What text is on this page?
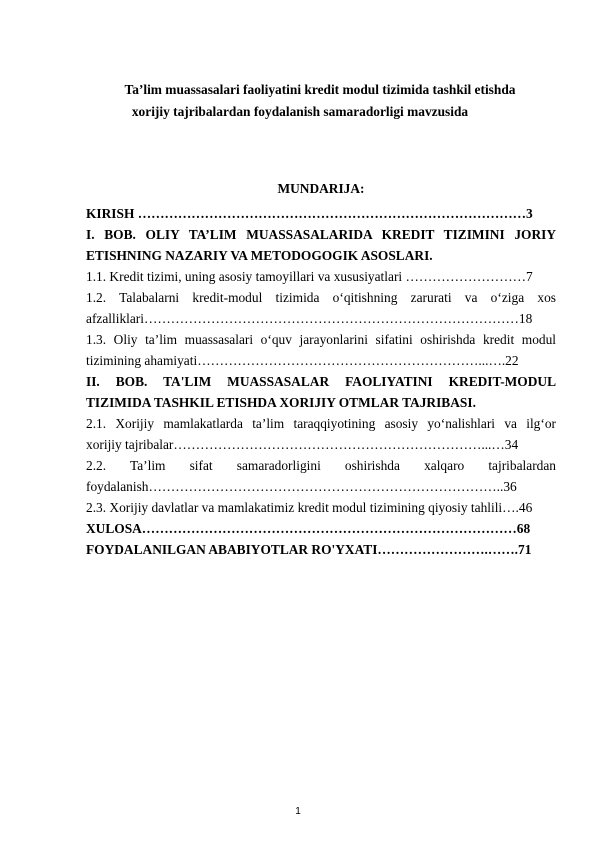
Ta’lim muassasalari faoliyatini kredit modul tizimida tashkil etishda
xorijiy tajribalardan foydalanish samaradorligi mavzusida
MUNDARIJA:
KIRISH ……………………………………………………………………………3
I. BOB. OLIY TA’LIM MUASSASALARIDA KREDIT TIZIMINI JORIY
ETISHNING NAZARIY VA METODOGOGIK ASOSLARI.
1.1. Kredit tizimi, uning asosiy tamoyillari va xususiyatlari ………………………7
1.2. Talabalarni kredit-modul tizimida o‘qitishning zarurati va o‘ziga xos
afzalliklari…………………………………………………………………………18
1.3. Oliy ta’lim muassasalari o‘quv jarayonlarini sifatini oshirishda kredit modul
tizimining ahamiyati………………………………………………………...….22
II. BOB. TA'LIM MUASSASALAR FAOLIYATINI KREDIT-MODUL
TIZIMIDA TASHKIL ETISHDA XORIJIY OTMLAR TAJRIBASI.
2.1. Xorijiy mamlakatlarda ta’lim taraqqiyotining asosiy yo‘nalishlari va ilg‘or
xorijiy tajribalar……………………………………………………………...…34
2.2. Ta’lim sifat samaradorligini oshirishda xalqaro tajribalardan
foydalanish……………………………………………………………………..36
2.3. Xorijiy davlatlar va mamlakatimiz kredit modul tizimining qiyosiy tahlili….46
XULOSA…………………………………………………………………………68
FOYDALANILGAN ABABIYOTLAR RO'YXATI…………………….…….71
1
